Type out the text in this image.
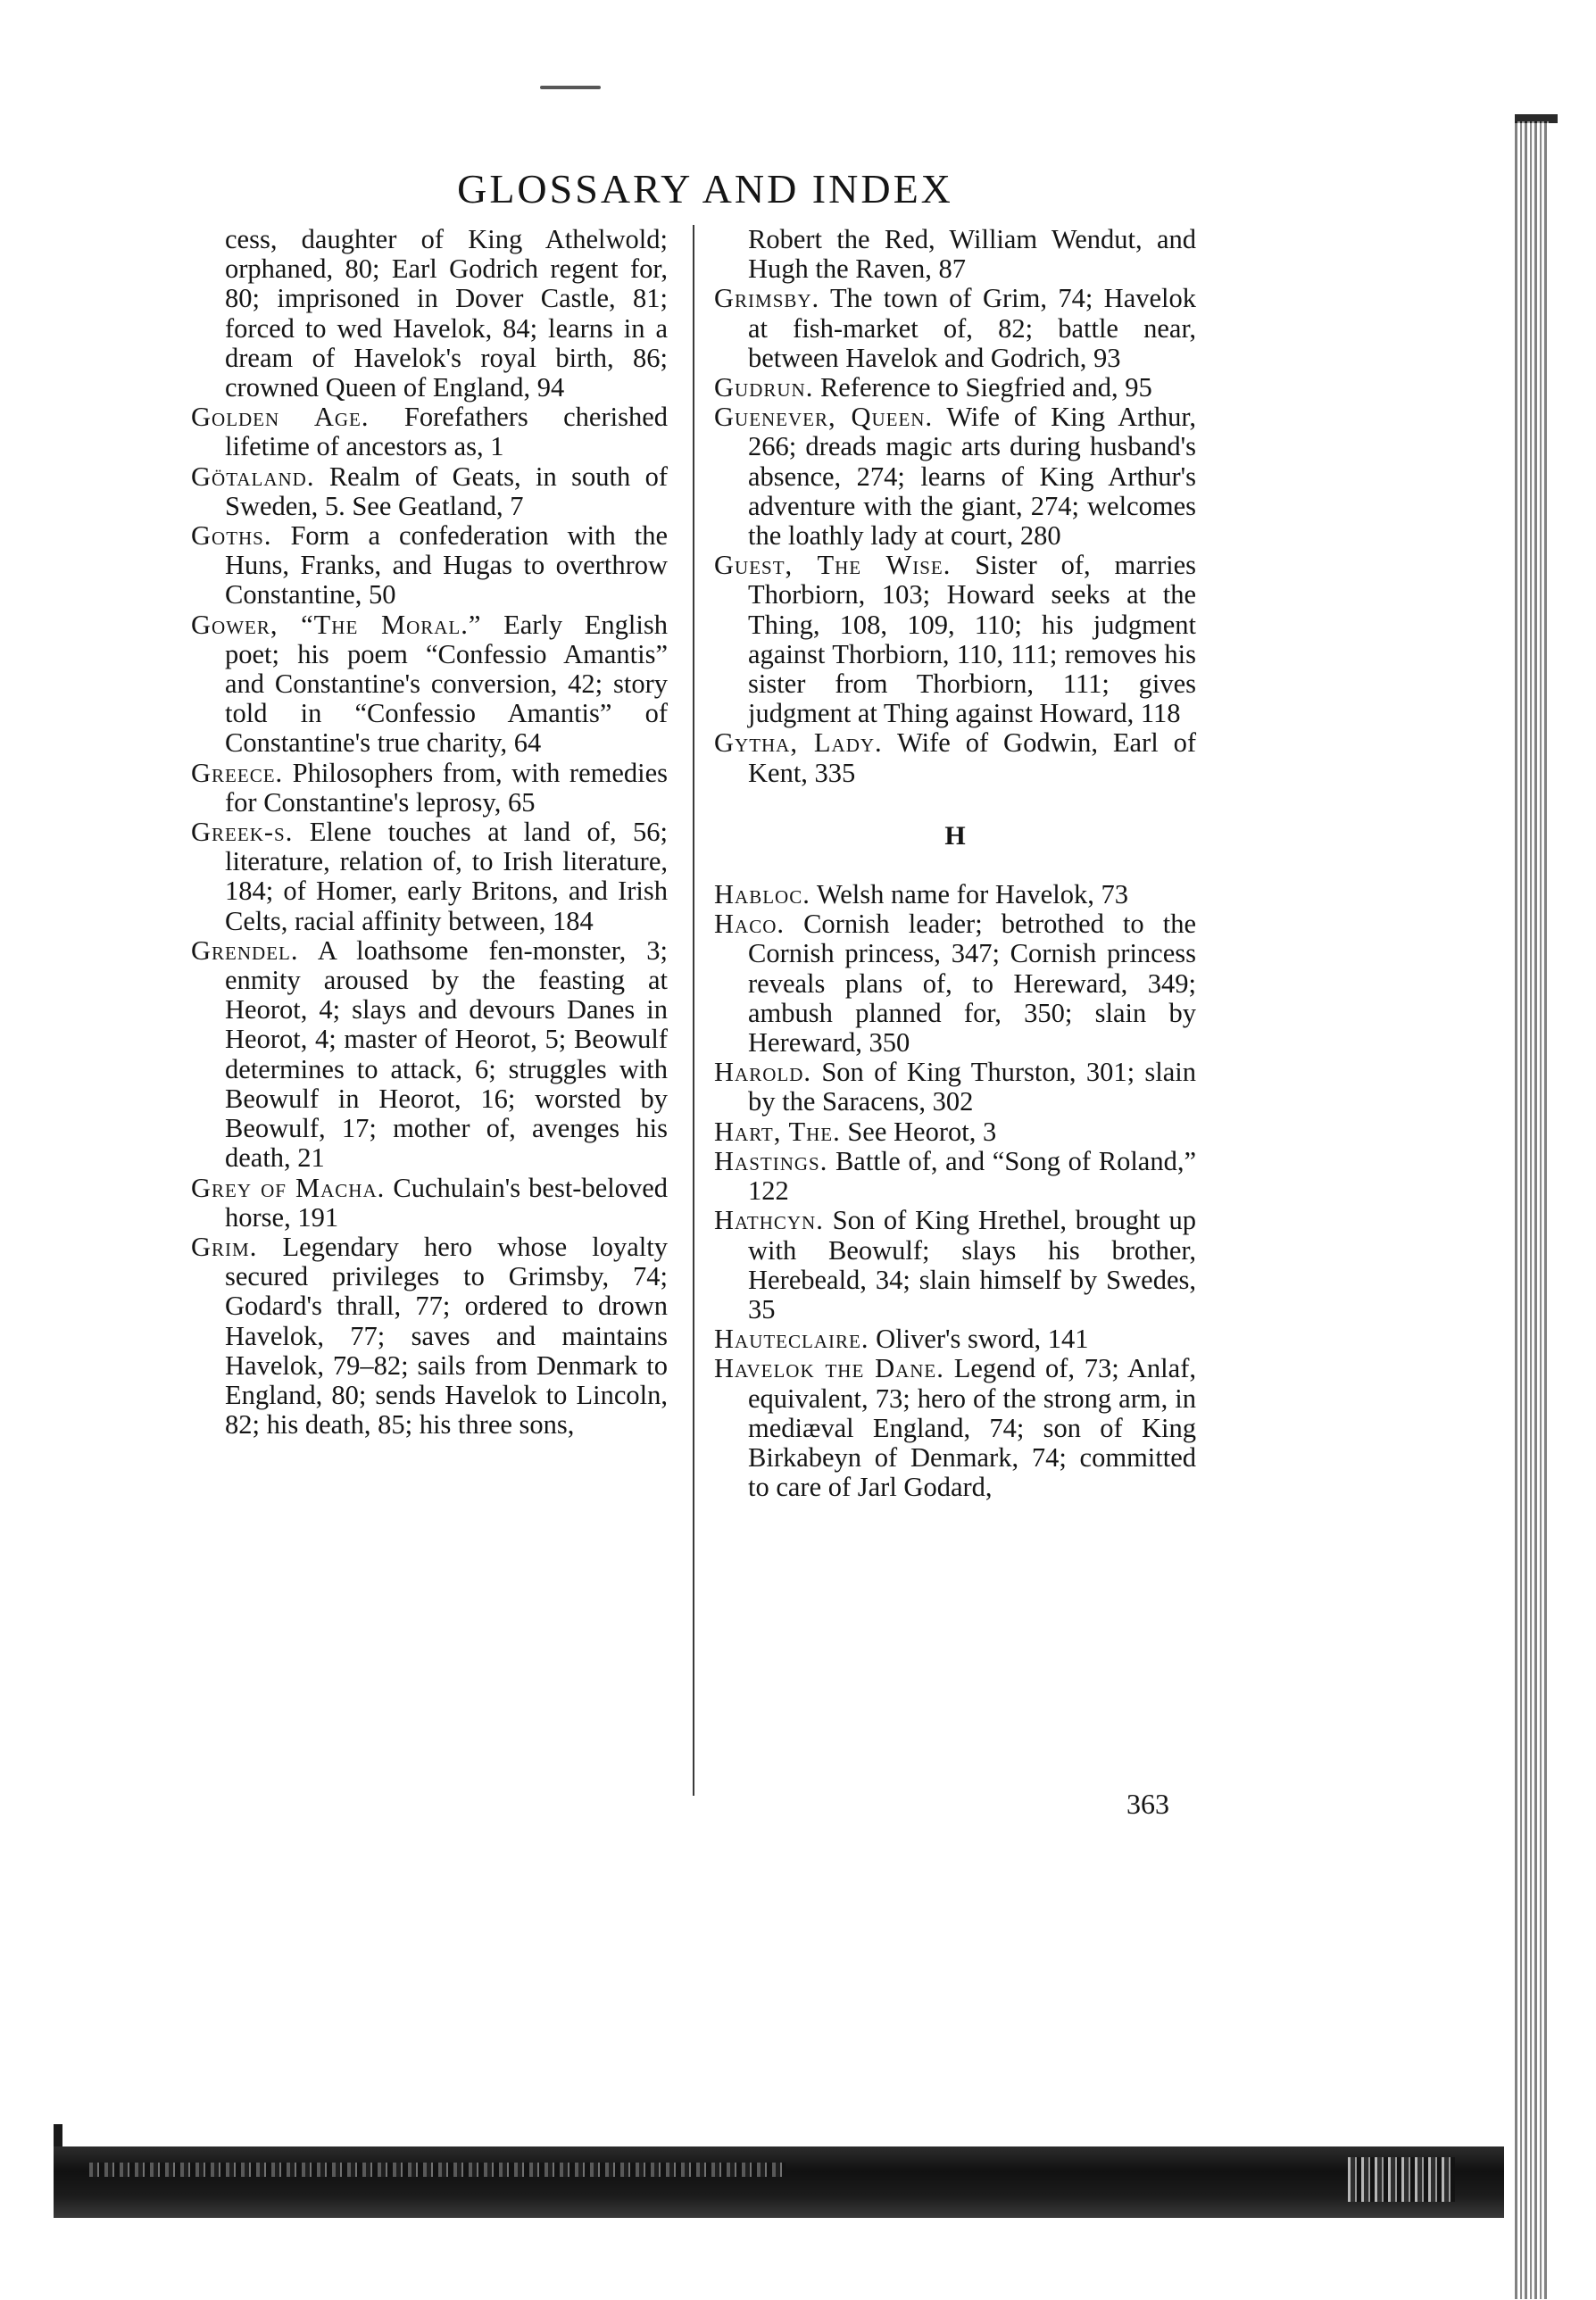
GLOSSARY AND INDEX

cess, daughter of King Athelwold; orphaned, 80; Earl Godrich regent for, 80; imprisoned in Dover Castle, 81; forced to wed Havelok, 84; learns in a dream of Havelok's royal birth, 86; crowned Queen of England, 94

Golden Age. Forefathers cherished lifetime of ancestors as, 1

Götaland. Realm of Geats, in south of Sweden, 5. See Geatland, 7

Goths. Form a confederation with the Huns, Franks, and Hugas to overthrow Constantine, 50

Gower, “The Moral.” Early English poet; his poem “Confessio Amantis” and Constantine's conversion, 42; story told in “Confessio Amantis” of Constantine's true charity, 64

Greece. Philosophers from, with remedies for Constantine's leprosy, 65

Greek-s. Elene touches at land of, 56; literature, relation of, to Irish literature, 184; of Homer, early Britons, and Irish Celts, racial affinity between, 184

Grendel. A loathsome fen-monster, 3; enmity aroused by the feasting at Heorot, 4; slays and devours Danes in Heorot, 4; master of Heorot, 5; Beowulf determines to attack, 6; struggles with Beowulf in Heorot, 16; worsted by Beowulf, 17; mother of, avenges his death, 21

Grey of Macha. Cuchulain's best-beloved horse, 191

Grim. Legendary hero whose loyalty secured privileges to Grimsby, 74; Godard's thrall, 77; ordered to drown Havelok, 77; saves and maintains Havelok, 79–82; sails from Denmark to England, 80; sends Havelok to Lincoln, 82; his death, 85; his three sons,

Robert the Red, William Wendut, and Hugh the Raven, 87

Grimsby. The town of Grim, 74; Havelok at fish-market of, 82; battle near, between Havelok and Godrich, 93

Gudrun. Reference to Siegfried and, 95

Guenever, Queen. Wife of King Arthur, 266; dreads magic arts during husband's absence, 274; learns of King Arthur's adventure with the giant, 274; welcomes the loathly lady at court, 280

Guest, The Wise. Sister of, marries Thorbiorn, 103; Howard seeks at the Thing, 108, 109, 110; his judgment against Thorbiorn, 110, 111; removes his sister from Thorbiorn, 111; gives judgment at Thing against Howard, 118

Gytha, Lady. Wife of Godwin, Earl of Kent, 335

H

Habloc. Welsh name for Havelok, 73

Haco. Cornish leader; betrothed to the Cornish princess, 347; Cornish princess reveals plans of, to Hereward, 349; ambush planned for, 350; slain by Hereward, 350

Harold. Son of King Thurston, 301; slain by the Saracens, 302

Hart, The. See Heorot, 3

Hastings. Battle of, and “Song of Roland,” 122

Hathcyn. Son of King Hrethel, brought up with Beowulf; slays his brother, Herebeald, 34; slain himself by Swedes, 35

Hauteclaire. Oliver's sword, 141

Havelok the Dane. Legend of, 73; Anlaf, equivalent, 73; hero of the strong arm, in mediæval England, 74; son of King Birkabeyn of Denmark, 74; committed to care of Jarl Godard,

363
